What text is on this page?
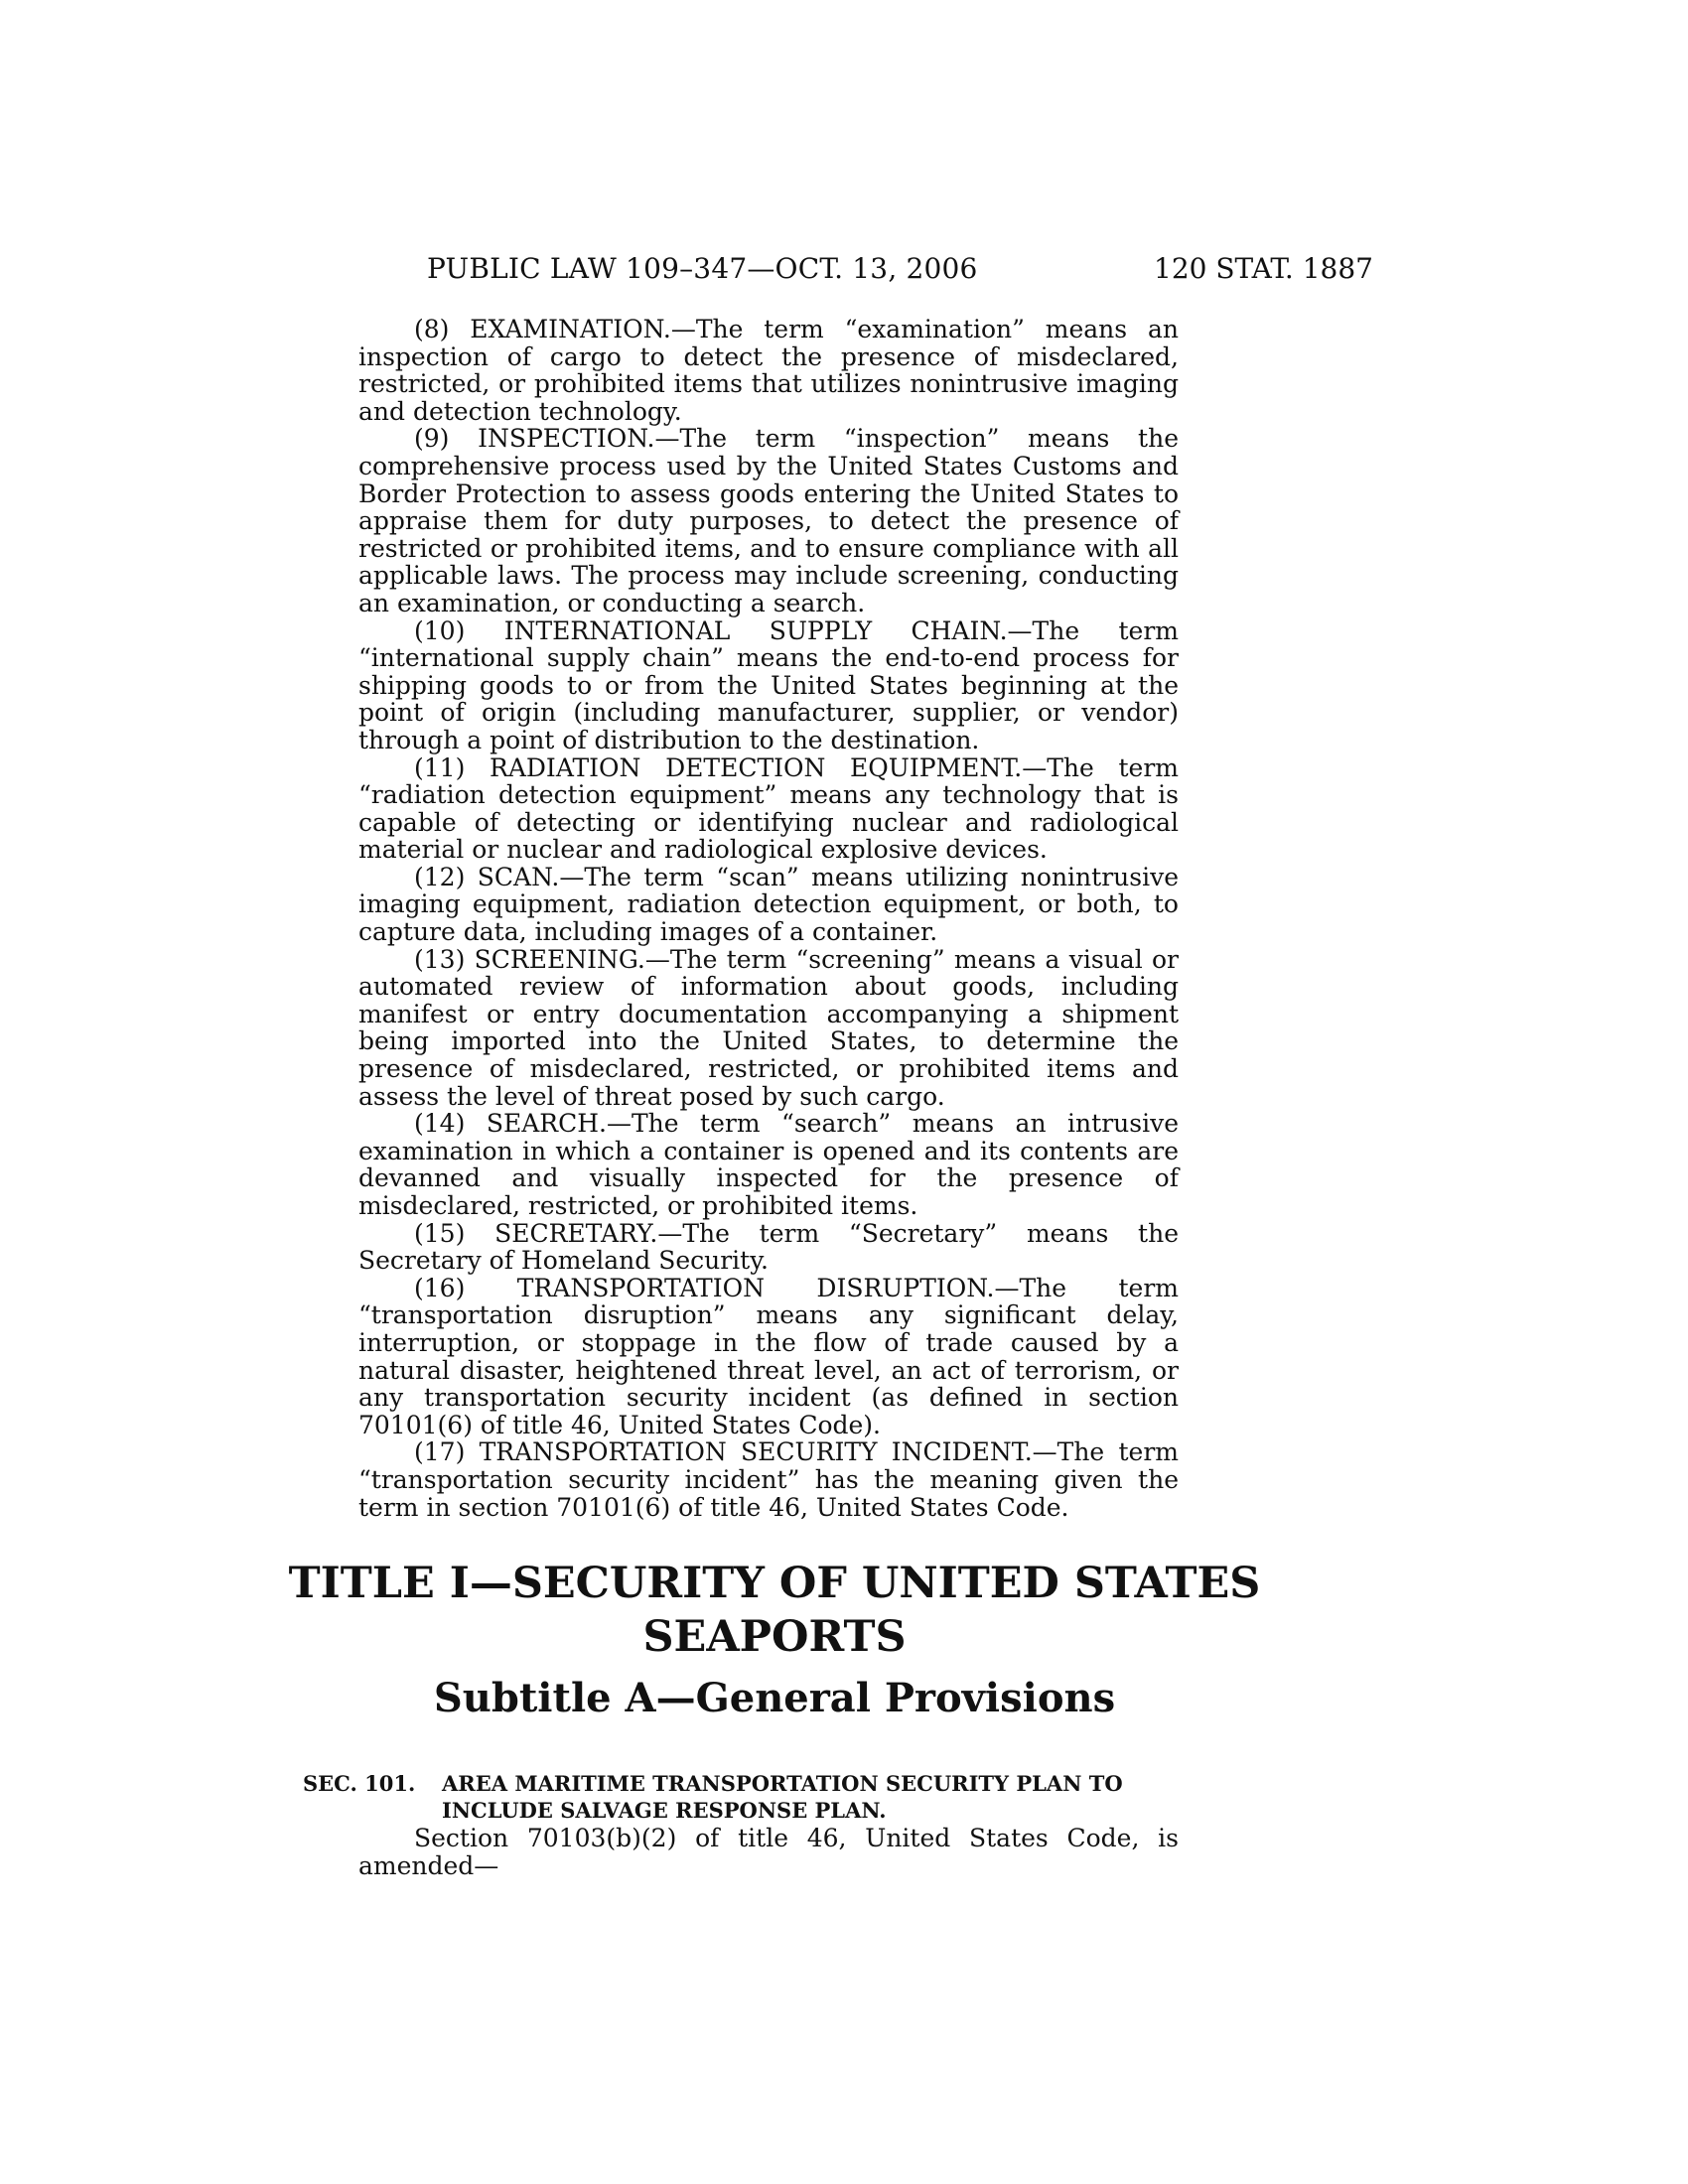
PUBLIC LAW 109–347—OCT. 13, 2006	120 STAT. 1887

(8) EXAMINATION.—The term “examination” means an inspection of cargo to detect the presence of misdeclared, restricted, or prohibited items that utilizes nonintrusive imaging and detection technology.

(9) INSPECTION.—The term “inspection” means the comprehensive process used by the United States Customs and Border Protection to assess goods entering the United States to appraise them for duty purposes, to detect the presence of restricted or prohibited items, and to ensure compliance with all applicable laws. The process may include screening, conducting an examination, or conducting a search.

(10) INTERNATIONAL SUPPLY CHAIN.—The term “international supply chain” means the end-to-end process for shipping goods to or from the United States beginning at the point of origin (including manufacturer, supplier, or vendor) through a point of distribution to the destination.

(11) RADIATION DETECTION EQUIPMENT.—The term “radiation detection equipment” means any technology that is capable of detecting or identifying nuclear and radiological material or nuclear and radiological explosive devices.

(12) SCAN.—The term “scan” means utilizing nonintrusive imaging equipment, radiation detection equipment, or both, to capture data, including images of a container.

(13) SCREENING.—The term “screening” means a visual or automated review of information about goods, including manifest or entry documentation accompanying a shipment being imported into the United States, to determine the presence of misdeclared, restricted, or prohibited items and assess the level of threat posed by such cargo.

(14) SEARCH.—The term “search” means an intrusive examination in which a container is opened and its contents are devanned and visually inspected for the presence of misdeclared, restricted, or prohibited items.

(15) SECRETARY.—The term “Secretary” means the Secretary of Homeland Security.

(16) TRANSPORTATION DISRUPTION.—The term “transportation disruption” means any significant delay, interruption, or stoppage in the flow of trade caused by a natural disaster, heightened threat level, an act of terrorism, or any transportation security incident (as defined in section 70101(6) of title 46, United States Code).

(17) TRANSPORTATION SECURITY INCIDENT.—The term “transportation security incident” has the meaning given the term in section 70101(6) of title 46, United States Code.

TITLE I—SECURITY OF UNITED STATES
SEAPORTS
Subtitle A—General Provisions
SEC. 101. AREA MARITIME TRANSPORTATION SECURITY PLAN TO
INCLUDE SALVAGE RESPONSE PLAN.

Section 70103(b)(2) of title 46, United States Code, is amended—
